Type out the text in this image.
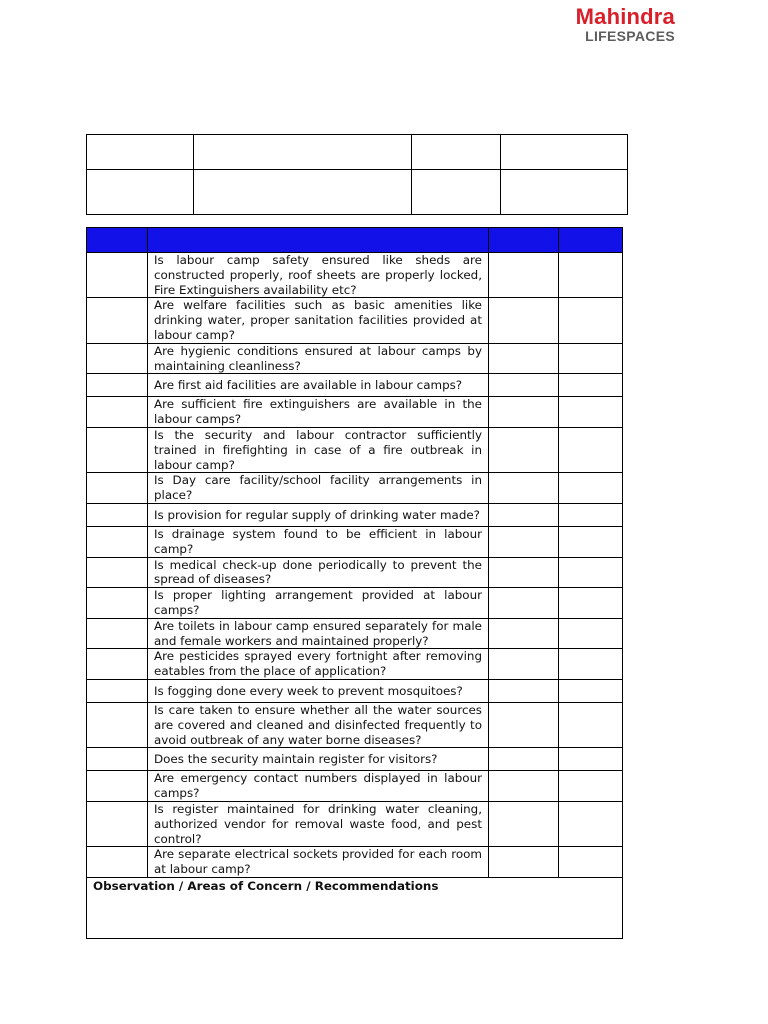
Mahindra
LIFESPACES

	Is labour camp safety ensured like sheds are constructed properly, roof sheets are properly locked, Fire Extinguishers availability etc?		
	Are welfare facilities such as basic amenities like drinking water, proper sanitation facilities provided at labour camp?		
	Are hygienic conditions ensured at labour camps by maintaining cleanliness?		
	Are first aid facilities are available in labour camps?		
	Are sufficient fire extinguishers are available in the labour camps?		
	Is the security and labour contractor sufficiently trained in firefighting in case of a fire outbreak in labour camp?		
	Is Day care facility/school facility arrangements in place?		
	Is provision for regular supply of drinking water made?		
	Is drainage system found to be efficient in labour camp?		
	Is medical check-up done periodically to prevent the spread of diseases?		
	Is proper lighting arrangement provided at labour camps?		
	Are toilets in labour camp ensured separately for male and female workers and maintained properly?		
	Are pesticides sprayed every fortnight after removing eatables from the place of application?		
	Is fogging done every week to prevent mosquitoes?		
	Is care taken to ensure whether all the water sources are covered and cleaned and disinfected frequently to avoid outbreak of any water borne diseases?		
	Does the security maintain register for visitors?		
	Are emergency contact numbers displayed in labour camps?		
	Is register maintained for drinking water cleaning, authorized vendor for removal waste food, and pest control?		
	Are separate electrical sockets provided for each room at labour camp?		
Observation / Areas of Concern / Recommendations			
